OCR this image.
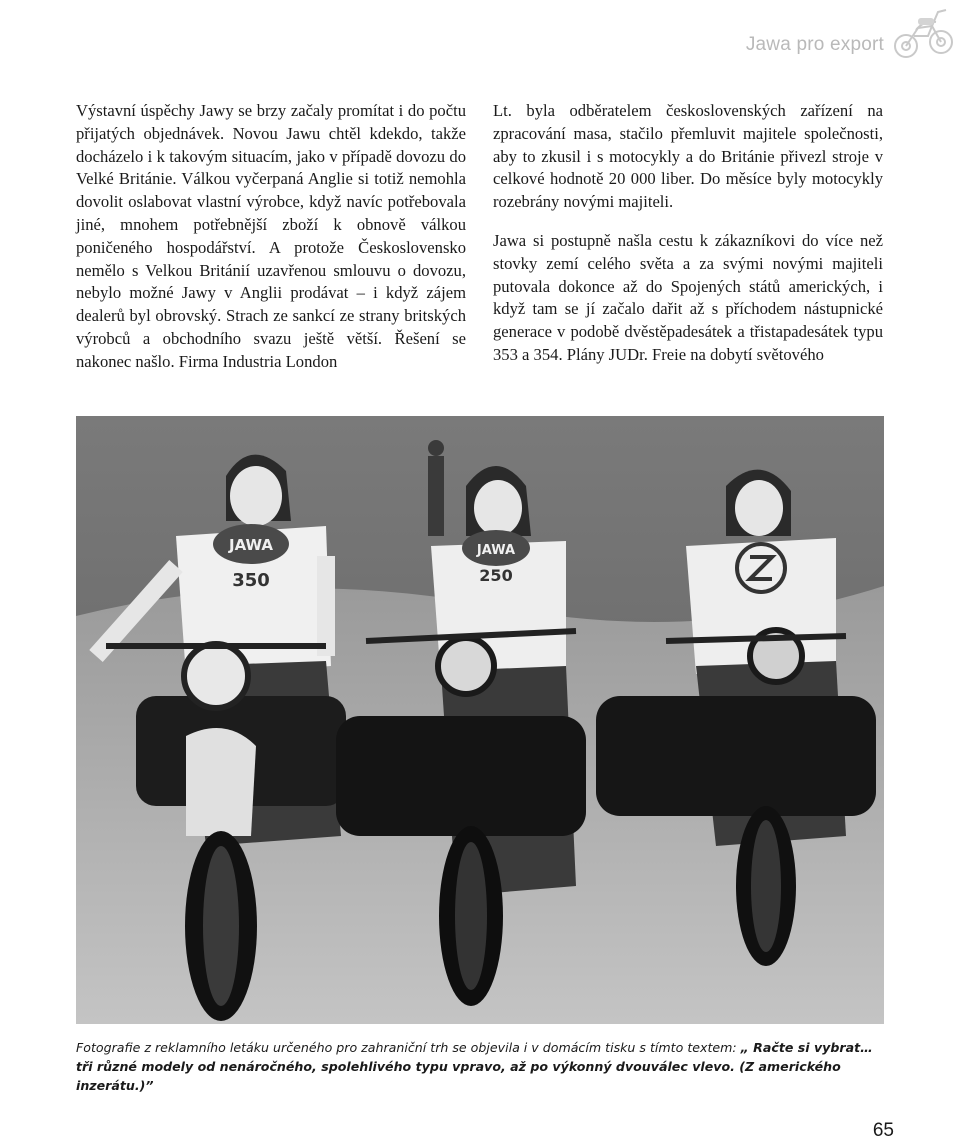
Jawa pro export

Výstavní úspěchy Jawy se brzy začaly promítat i do počtu přijatých objednávek. Novou Jawu chtěl kdekdo, takže docházelo i k takovým situacím, jako v případě dovozu do Velké Británie. Válkou vyčerpaná Anglie si totiž nemohla dovolit oslabovat vlastní výrobce, když navíc potřebovala jiné, mnohem potřebnější zboží k obnově válkou poničeného hospodářství. A protože Československo nemělo s Velkou Británií uzavřenou smlouvu o dovozu, nebylo možné Jawy v Anglii prodávat – i když zájem dealerů byl obrovský. Strach ze sankcí ze strany britských výrobců a obchodního svazu ještě větší. Řešení se nakonec našlo. Firma Industria London

Lt. byla odběratelem československých zařízení na zpracování masa, stačilo přemluvit majitele společnosti, aby to zkusil i s motocykly a do Británie přivezl stroje v celkové hodnotě 20 000 liber. Do měsíce byly motocykly rozebrány novými majiteli.

Jawa si postupně našla cestu k zákazníkovi do více než stovky zemí celého světa a za svými novými majiteli putovala dokonce až do Spojených států amerických, i když tam se jí začalo dařit až s příchodem nástupnické generace v podobě dvěstěpadesátek a třistapadesátek typu 353 a 354. Plány JUDr. Freie na dobytí světového

JAWA
350
JAWA
250
Fotografie z reklamního letáku určeného pro zahraniční trh se objevila i v domácím tisku s tímto textem: „ Račte si vybrat…tři různé modely od nenáročného, spolehlivého typu vpravo, až po výkonný dvouválec vlevo. (Z amerického inzerátu.)”
65
